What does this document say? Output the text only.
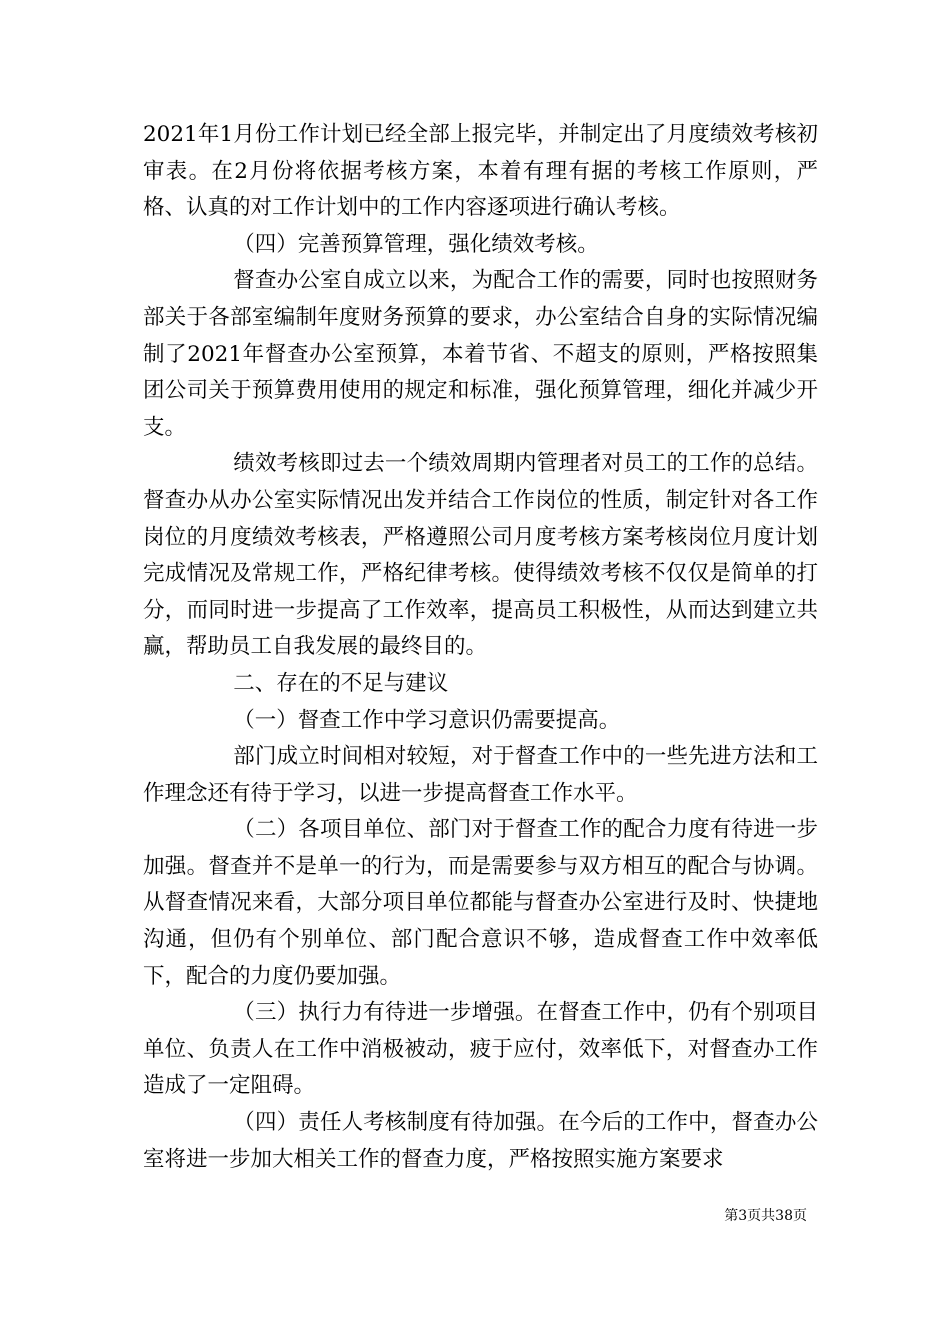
2021年1月份工作计划已经全部上报完毕，并制定出了月度绩效考核初审表。在2月份将依据考核方案，本着有理有据的考核工作原则，严格、认真的对工作计划中的工作内容逐项进行确认考核。

（四）完善预算管理，强化绩效考核。

督查办公室自成立以来，为配合工作的需要，同时也按照财务部关于各部室编制年度财务预算的要求，办公室结合自身的实际情况编制了2021年督查办公室预算，本着节省、不超支的原则，严格按照集团公司关于预算费用使用的规定和标准，强化预算管理，细化并减少开支。

绩效考核即过去一个绩效周期内管理者对员工的工作的总结。督查办从办公室实际情况出发并结合工作岗位的性质，制定针对各工作岗位的月度绩效考核表，严格遵照公司月度考核方案考核岗位月度计划完成情况及常规工作，严格纪律考核。使得绩效考核不仅仅是简单的打分，而同时进一步提高了工作效率，提高员工积极性，从而达到建立共赢，帮助员工自我发展的最终目的。

二、存在的不足与建议

（一）督查工作中学习意识仍需要提高。

部门成立时间相对较短，对于督查工作中的一些先进方法和工作理念还有待于学习，以进一步提高督查工作水平。

（二）各项目单位、部门对于督查工作的配合力度有待进一步加强。督查并不是单一的行为，而是需要参与双方相互的配合与协调。从督查情况来看，大部分项目单位都能与督查办公室进行及时、快捷地沟通，但仍有个别单位、部门配合意识不够，造成督查工作中效率低下，配合的力度仍要加强。

（三）执行力有待进一步增强。在督查工作中，仍有个别项目单位、负责人在工作中消极被动，疲于应付，效率低下，对督查办工作造成了一定阻碍。

（四）责任人考核制度有待加强。在今后的工作中，督查办公室将进一步加大相关工作的督查力度，严格按照实施方案要求

第3页共38页
